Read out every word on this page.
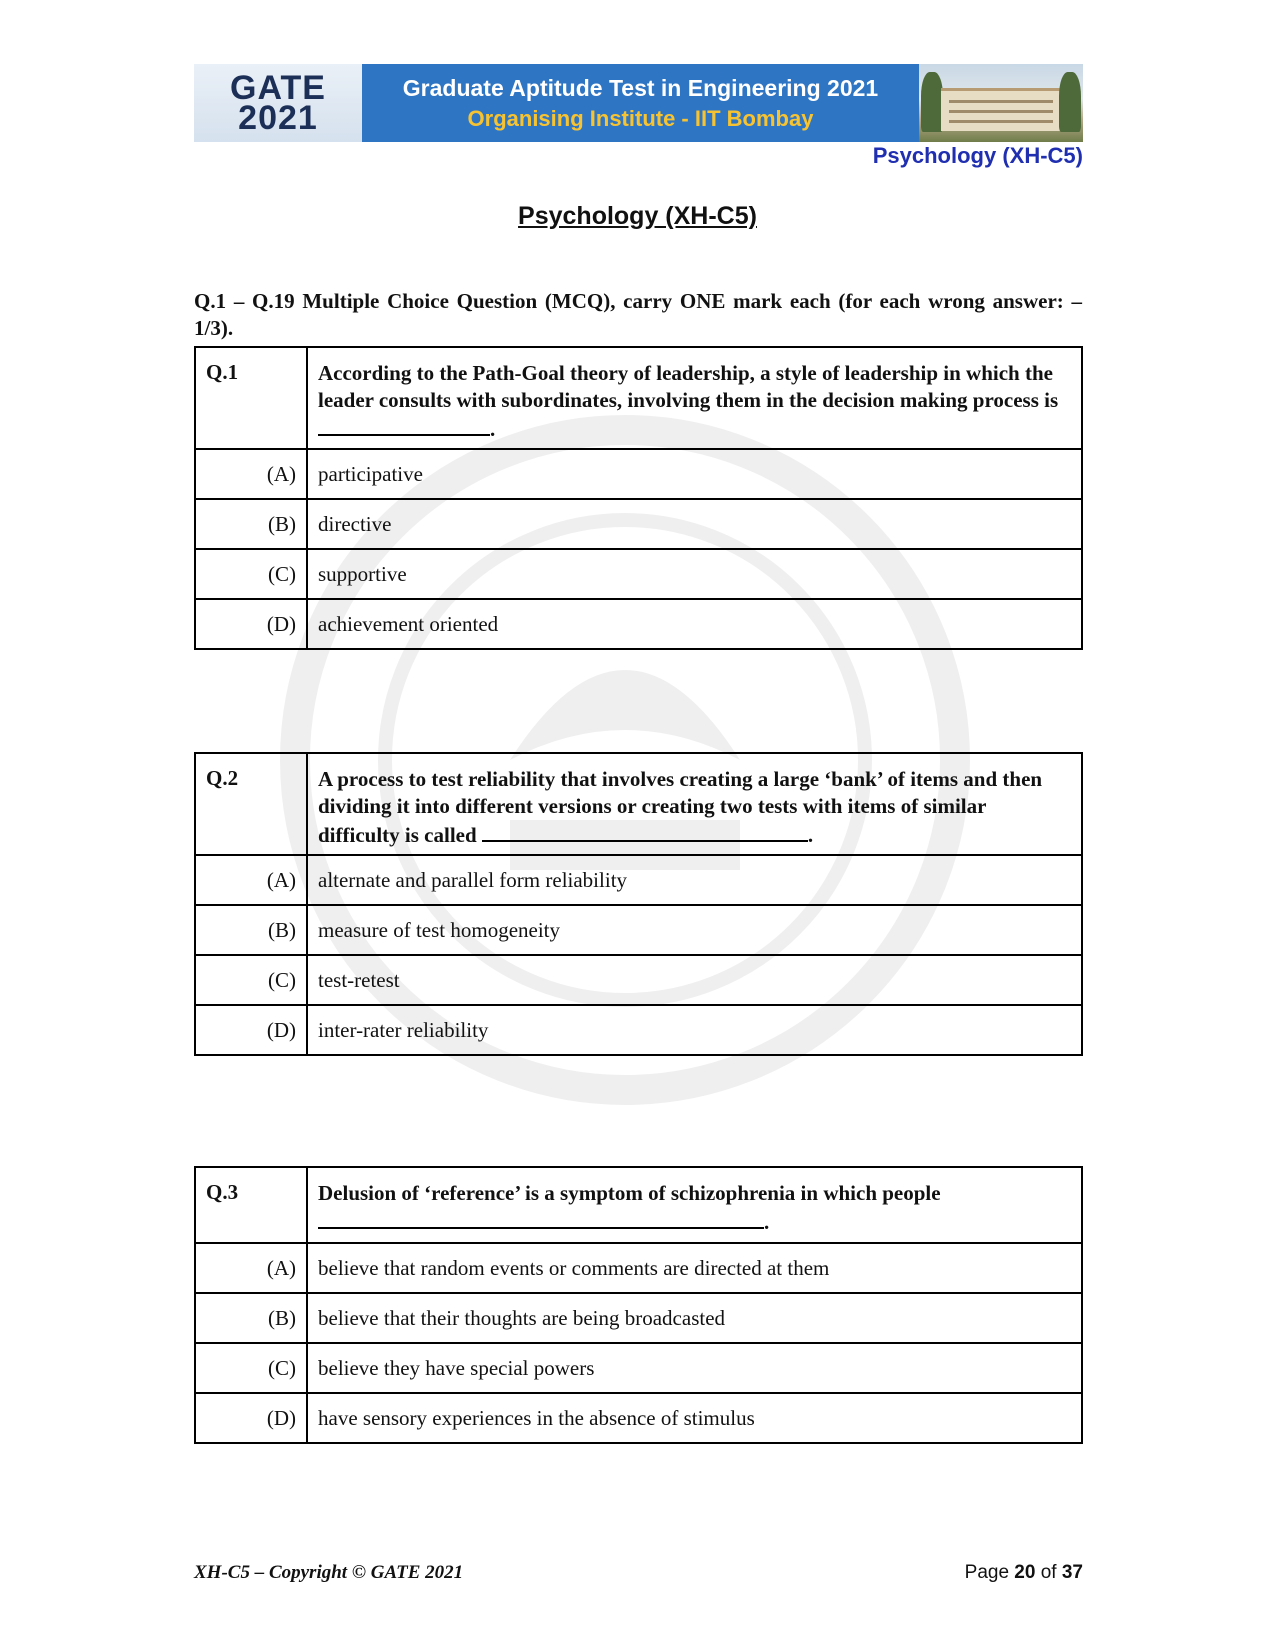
GATE
2021
Graduate Aptitude Test in Engineering 2021
Organising Institute - IIT Bombay
Psychology (XH-C5)
Psychology (XH-C5)
Q.1 – Q.19 Multiple Choice Question (MCQ), carry ONE mark each (for each wrong answer: – 1/3).
Q.1	According to the Path-Goal theory of leadership, a style of leadership in which the leader consults with subordinates, involving them in the decision making process is .
(A)	participative
(B)	directive
(C)	supportive
(D)	achievement oriented
Q.2	A process to test reliability that involves creating a large ‘bank’ of items and then dividing it into different versions or creating two tests with items of similar difficulty is called .
(A)	alternate and parallel form reliability
(B)	measure of test homogeneity
(C)	test-retest
(D)	inter-rater reliability
Q.3	Delusion of ‘reference’ is a symptom of schizophrenia in which people
.
(A)	believe that random events or comments are directed at them
(B)	believe that their thoughts are being broadcasted
(C)	believe they have special powers
(D)	have sensory experiences in the absence of stimulus
XH-C5 – Copyright © GATE 2021	Page 20 of 37
